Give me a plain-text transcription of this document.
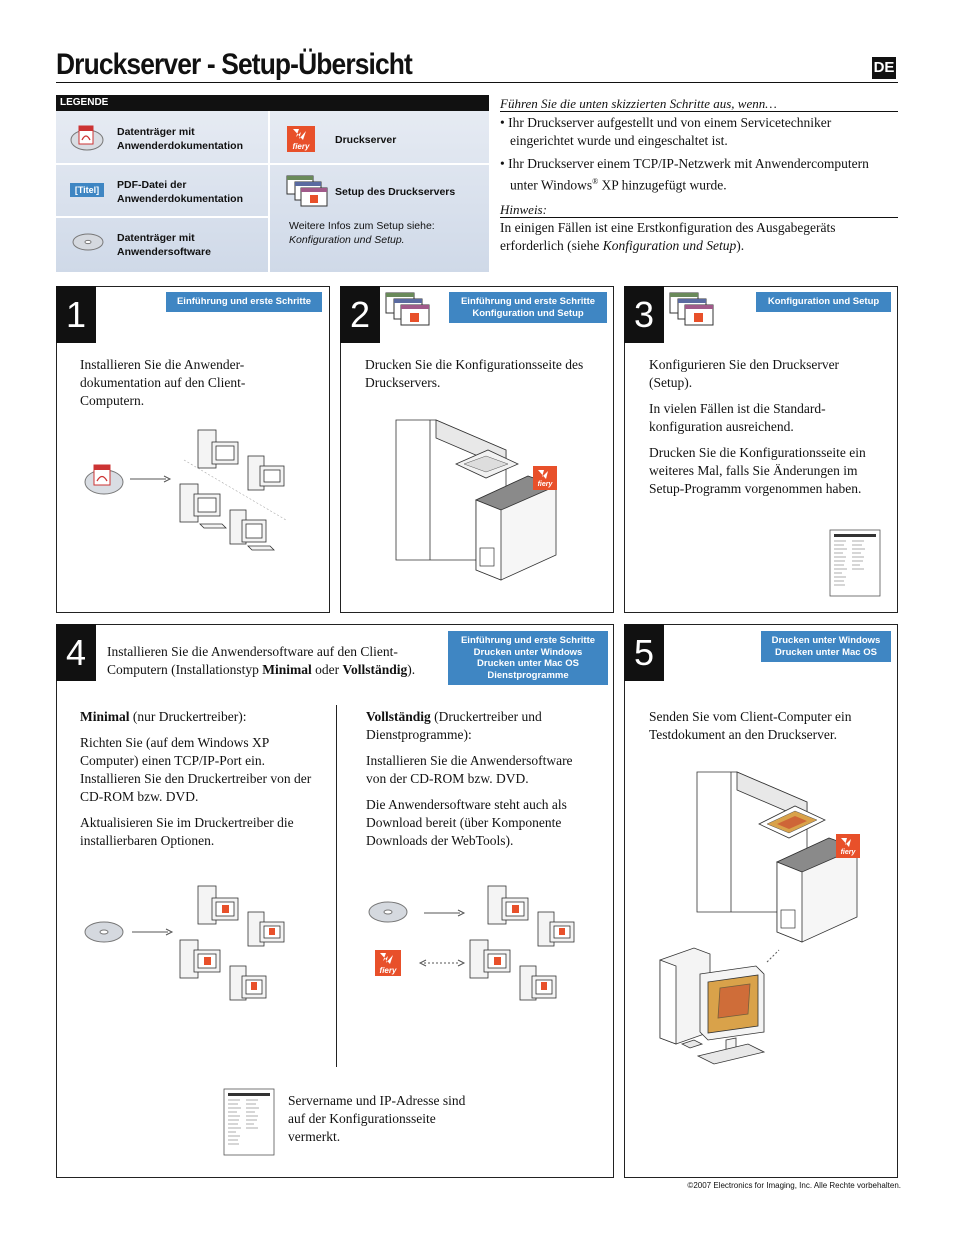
Druckserver - Setup-Übersicht	DE
LEGENDE
Datenträger mit
Anwenderdokumentation
[Titel]	PDF-Datei der
Anwenderdokumentation
Datenträger mit
Anwendersoftware
fiery
Druckserver
Setup des Druckservers
Weitere Infos zum Setup siehe:
Konfiguration und Setup.
Führen Sie die unten skizzierten Schritte aus, wenn…
• Ihr Druckserver aufgestellt und von einem Servicetechniker eingerichtet wurde und eingeschaltet ist.
• Ihr Druckserver einem TCP/IP-Netzwerk mit Anwendercomputern unter Windows® XP hinzugefügt wurde.
Hinweis:
In einigen Fällen ist eine Erstkonfiguration des Ausgabegeräts erforderlich (siehe Konfiguration und Setup).
1	Einführung und erste Schritte
Installieren Sie die Anwender- dokumentation auf den Client- Computern.
2	Einführung und erste Schritte
Konfiguration und Setup
Drucken Sie die Konfigurationsseite des Druckservers.
fiery
3	Konfiguration und Setup

Konfigurieren Sie den Druckserver (Setup).

In vielen Fällen ist die Standard- konfiguration ausreichend.

Drucken Sie die Konfigurationsseite ein weiteres Mal, falls Sie Änderungen im Setup-Programm vorgenommen haben.

4	Einführung und erste Schritte
Drucken unter Windows
Drucken unter Mac OS
Dienstprogramme
Installieren Sie die Anwendersoftware auf den Client-Computern (Installationstyp Minimal oder Vollständig).

Minimal (nur Druckertreiber):

Richten Sie (auf dem Windows XP Computer) einen TCP/IP-Port ein. Installieren Sie den Druckertreiber von der CD-ROM bzw. DVD.

Aktualisieren Sie im Druckertreiber die installierbaren Optionen.

Vollständig (Druckertreiber und Dienstprogramme):

Installieren Sie die Anwendersoftware von der CD-ROM bzw. DVD.

Die Anwendersoftware steht auch als Download bereit (über Komponente Downloads der WebTools).

fiery
Servername und IP-Adresse sind auf der Konfigurationsseite vermerkt.
5	Drucken unter Windows
Drucken unter Mac OS
Senden Sie vom Client-Computer ein Testdokument an den Druckserver.
fiery
©2007 Electronics for Imaging, Inc. Alle Rechte vorbehalten.
